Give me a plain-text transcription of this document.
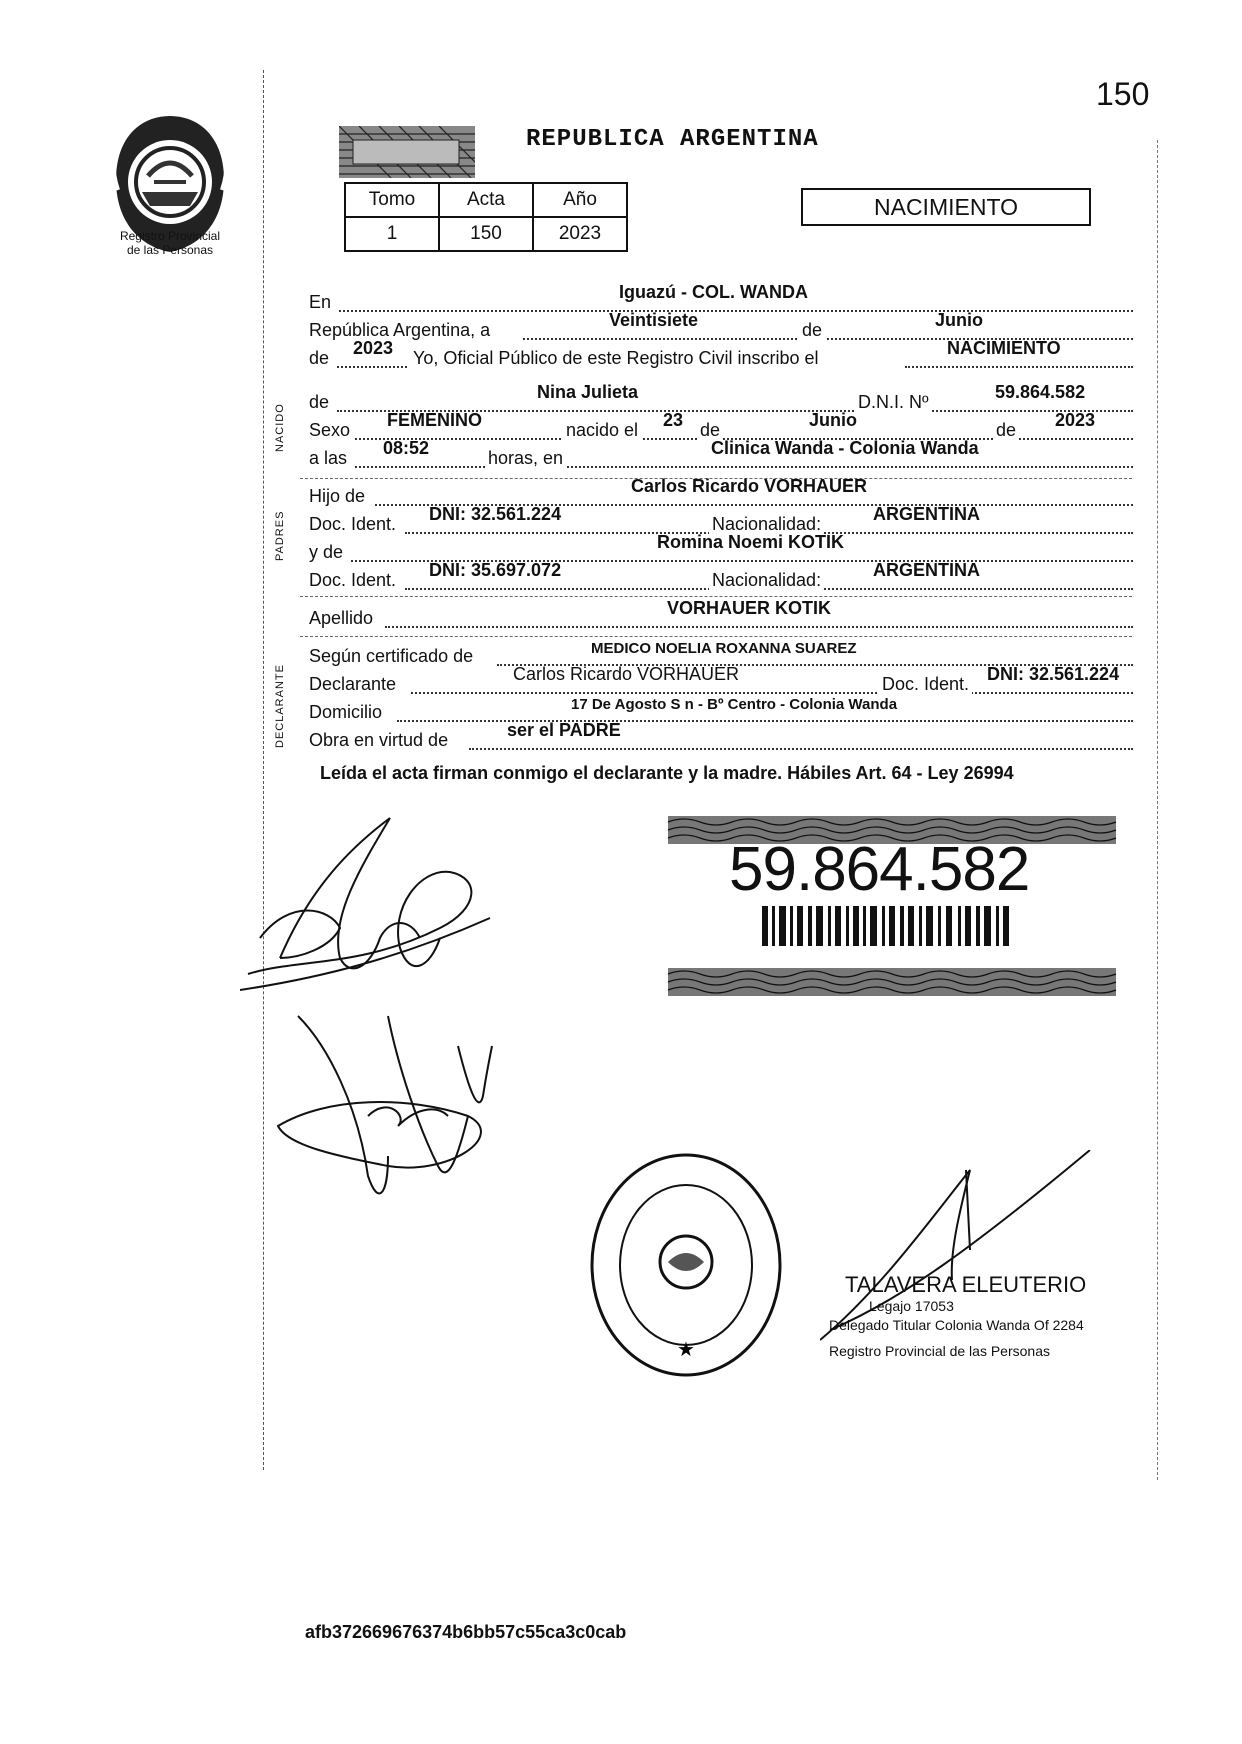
150
Registro Provincial
de las Personas
REPUBLICA ARGENTINA
Tomo	Acta	Año
1	150	2023
NACIMIENTO
NACIDO
PADRES
DECLARANTE
En	Iguazú - COL. WANDA
República Argentina, a	Veintisiete	de	Junio
de 2023 Yo, Oficial Público de este Registro Civil inscribo el	NACIMIENTO
de	Nina Julieta	D.N.I. Nº	59.864.582
Sexo FEMENINO	nacido el 23 de	Junio	de 2023
a las 08:52	horas, en	Clinica Wanda - Colonia Wanda
Hijo de	Carlos Ricardo VORHAUER
Doc. Ident. DNI: 32.561.224	Nacionalidad:	ARGENTINA
y de	Romina Noemi KOTIK
Doc. Ident. DNI: 35.697.072	Nacionalidad:	ARGENTINA
Apellido	VORHAUER KOTIK
Según certificado de	MEDICO NOELIA ROXANNA SUAREZ
Declarante	Carlos Ricardo VORHAUER	Doc. Ident. DNI: 32.561.224
Domicilio	17 De Agosto S n - Bº Centro - Colonia Wanda
Obra en virtud de	ser el PADRE
Leída el acta firman conmigo el declarante y la madre. Hábiles Art. 64 - Ley 26994
59.864.582
★
TALAVERA ELEUTERIO
Legajo 17053
Delegado Titular Colonia Wanda Of 2284
Registro Provincial de las Personas
afb372669676374b6bb57c55ca3c0cab
